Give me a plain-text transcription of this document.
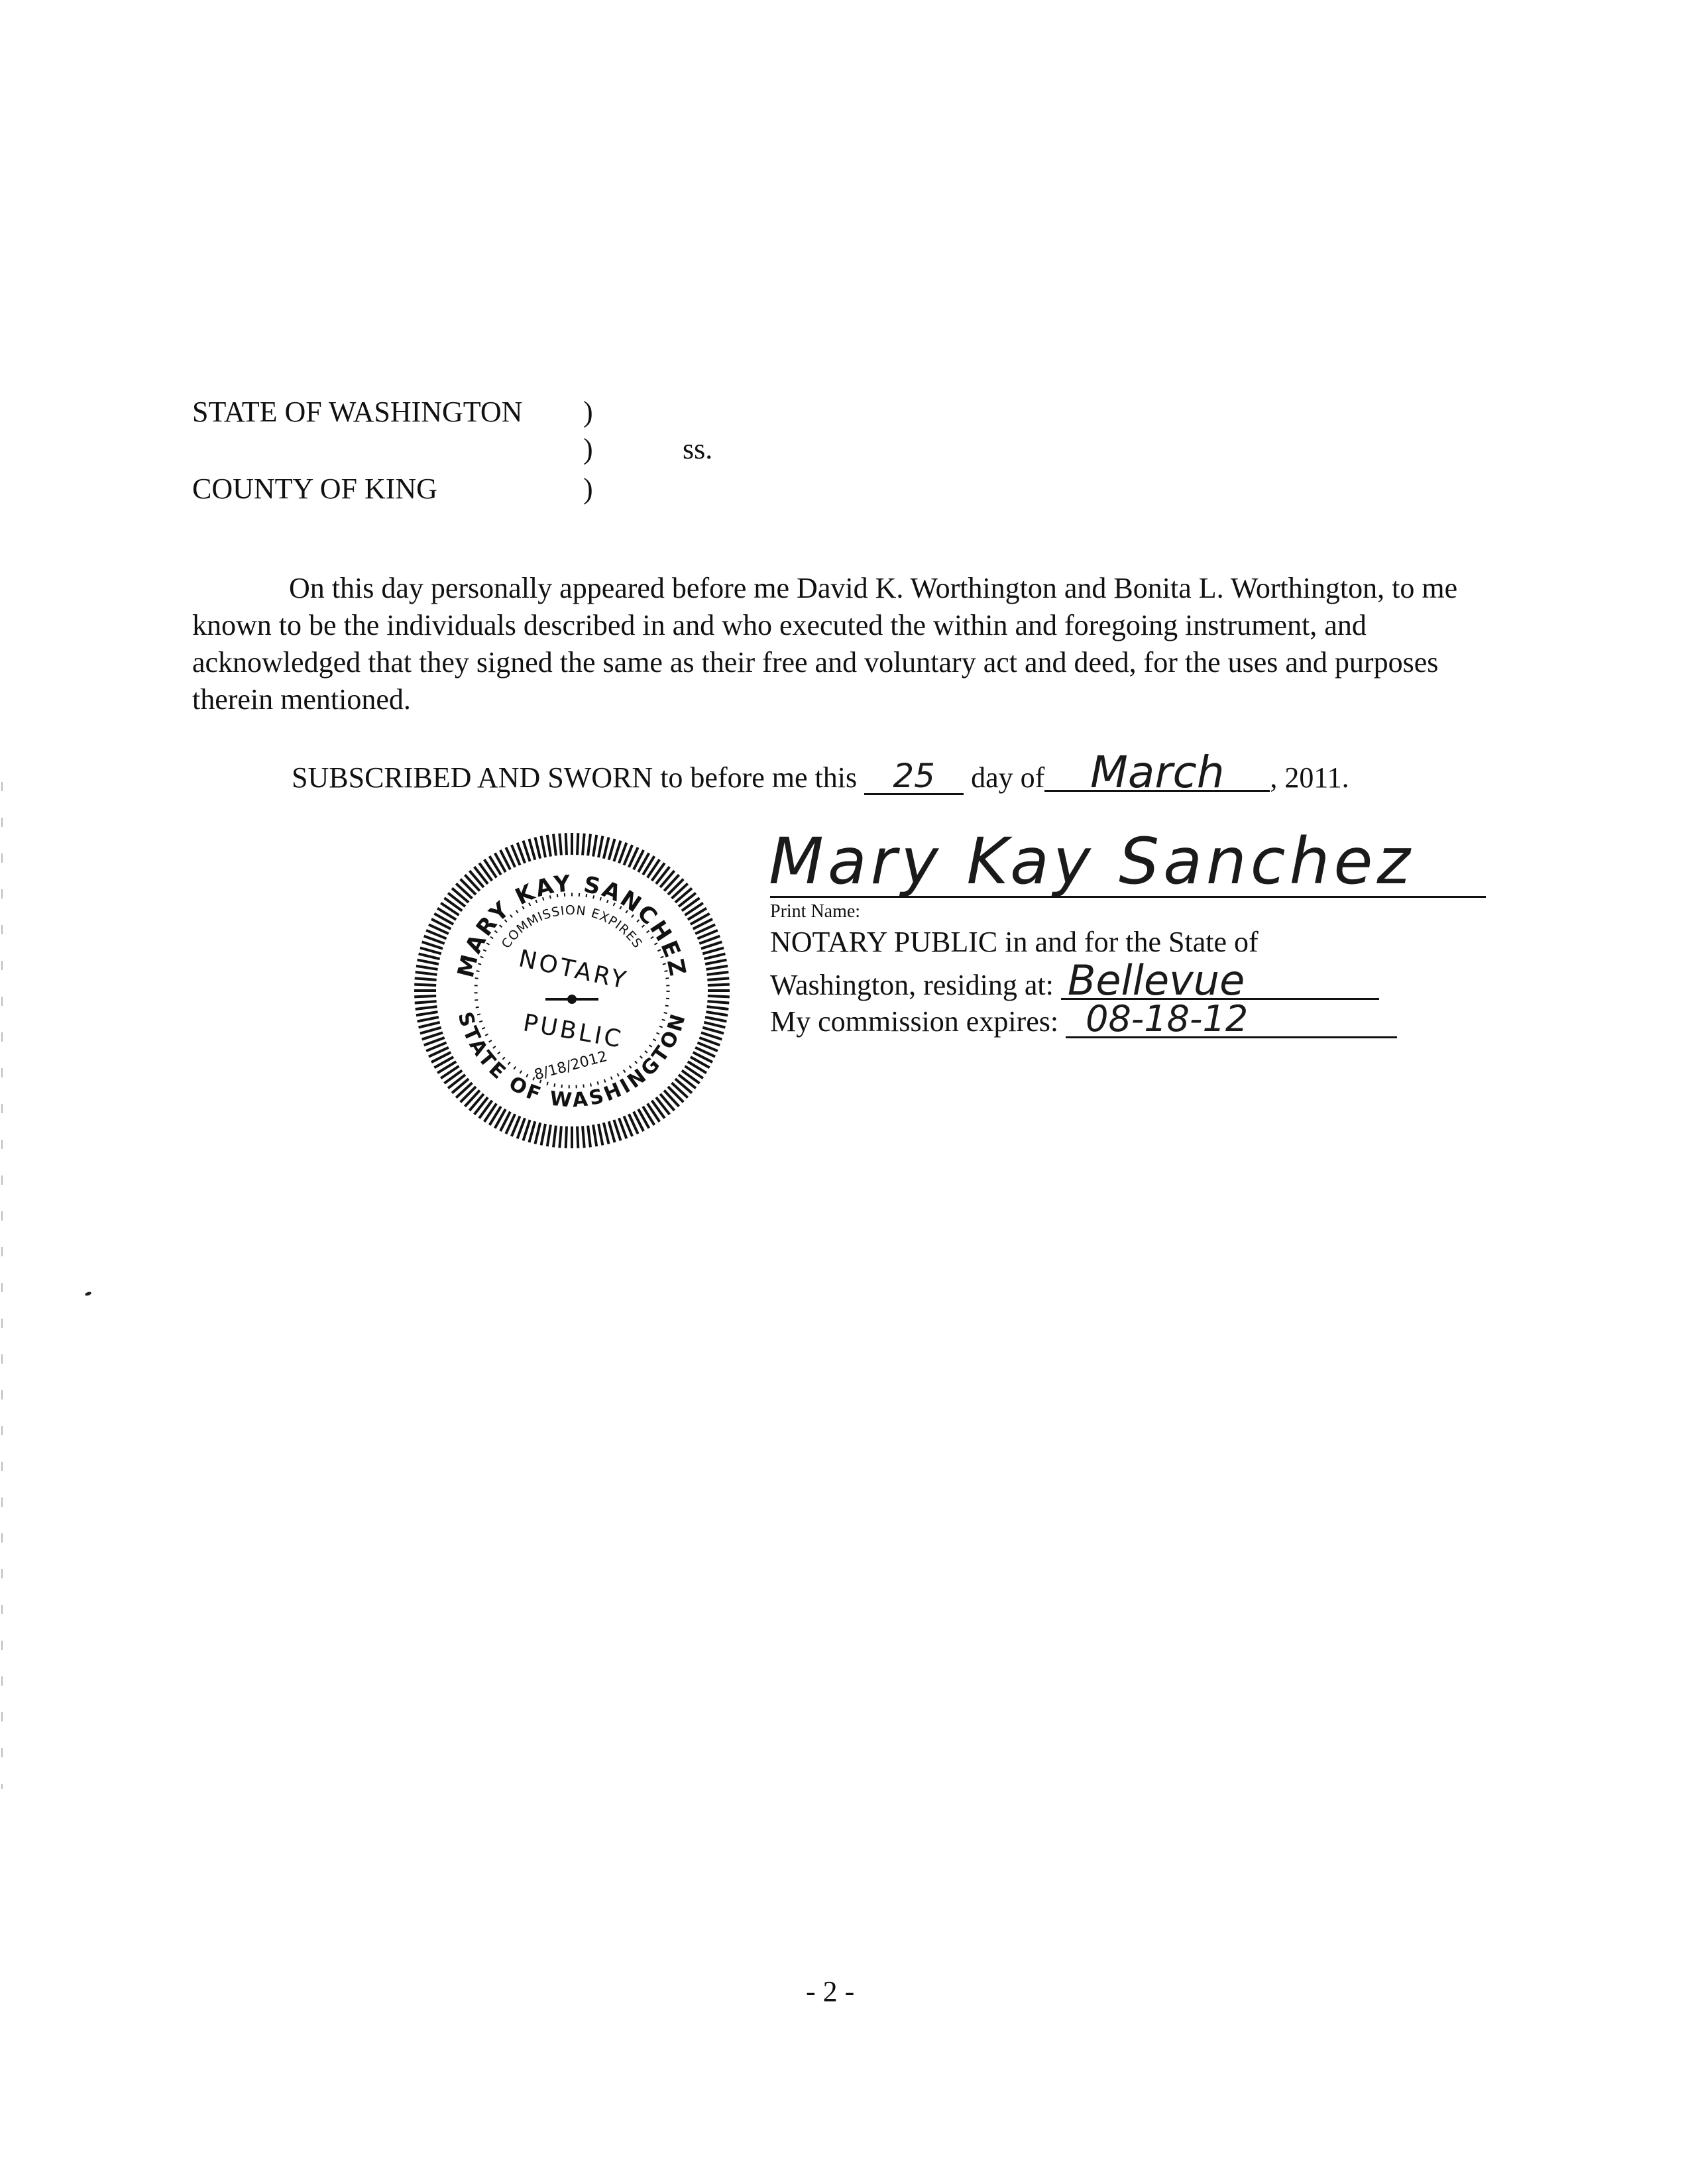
STATE OF WASHINGTON )
)	ss.
COUNTY OF KING	)
On this day personally appeared before me David K. Worthington and Bonita L. Worthington, to me known to be the individuals described in and who executed the within and foregoing instrument, and acknowledged that they signed the same as their free and voluntary act and deed, for the uses and purposes therein mentioned.
SUBSCRIBED AND SWORN to before me this 25 day of March , 2011.
MARY KAY SANCHEZ
COMMISSION EXPIRES
STATE OF WASHINGTON
NOTARY
PUBLIC
8/18/2012
Mary Kay Sanchez
Print Name:
NOTARY PUBLIC in and for the State of
Washington, residing at: Bellevue
My commission expires: 08-18-12
- 2 -
